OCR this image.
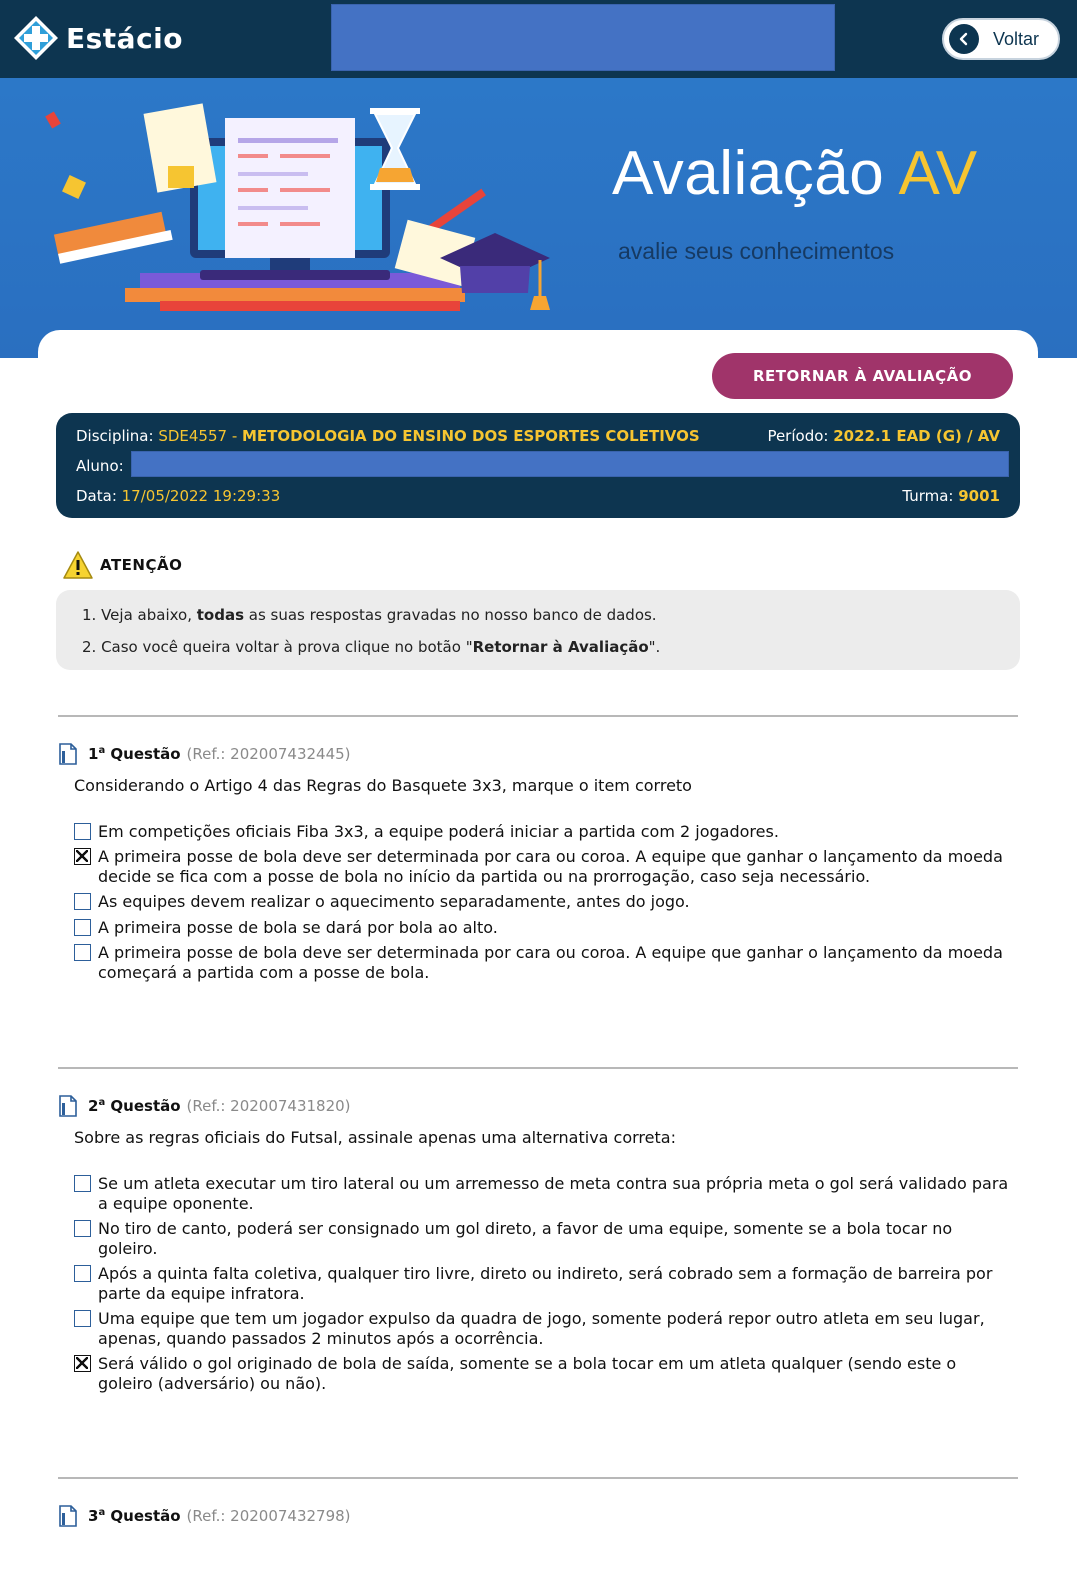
Estácio	Voltar
Avaliação AV
avalie seus conhecimentos
RETORNAR À AVALIAÇÃO
Disciplina: SDE4557 - METODOLOGIA DO ENSINO DOS ESPORTES COLETIVOS	Período: 2022.1 EAD (G) / AV
Aluno:
Data: 17/05/2022 19:29:33	Turma: 9001
ATENÇÃO
1. Veja abaixo, todas as suas respostas gravadas no nosso banco de dados.
2. Caso você queira voltar à prova clique no botão "Retornar à Avaliação".
1$^a$ Questão (Ref.: 202007432445)
Considerando o Artigo 4 das Regras do Basquete 3x3, marque o item correto
Em competições oficiais Fiba 3x3, a equipe poderá iniciar a partida com 2 jogadores.
A primeira posse de bola deve ser determinada por cara ou coroa. A equipe que ganhar o lançamento da moeda decide se fica com a posse de bola no início da partida ou na prorrogação, caso seja necessário.
As equipes devem realizar o aquecimento separadamente, antes do jogo.
A primeira posse de bola se dará por bola ao alto.
A primeira posse de bola deve ser determinada por cara ou coroa. A equipe que ganhar o lançamento da moeda começará a partida com a posse de bola.
2$^a$ Questão (Ref.: 202007431820)
Sobre as regras oficiais do Futsal, assinale apenas uma alternativa correta:
Se um atleta executar um tiro lateral ou um arremesso de meta contra sua própria meta o gol será validado para a equipe oponente.
No tiro de canto, poderá ser consignado um gol direto, a favor de uma equipe, somente se a bola tocar no goleiro.
Após a quinta falta coletiva, qualquer tiro livre, direto ou indireto, será cobrado sem a formação de barreira por parte da equipe infratora.
Uma equipe que tem um jogador expulso da quadra de jogo, somente poderá repor outro atleta em seu lugar, apenas, quando passados 2 minutos após a ocorrência.
Será válido o gol originado de bola de saída, somente se a bola tocar em um atleta qualquer (sendo este o goleiro (adversário) ou não).
3$^a$ Questão (Ref.: 202007432798)
